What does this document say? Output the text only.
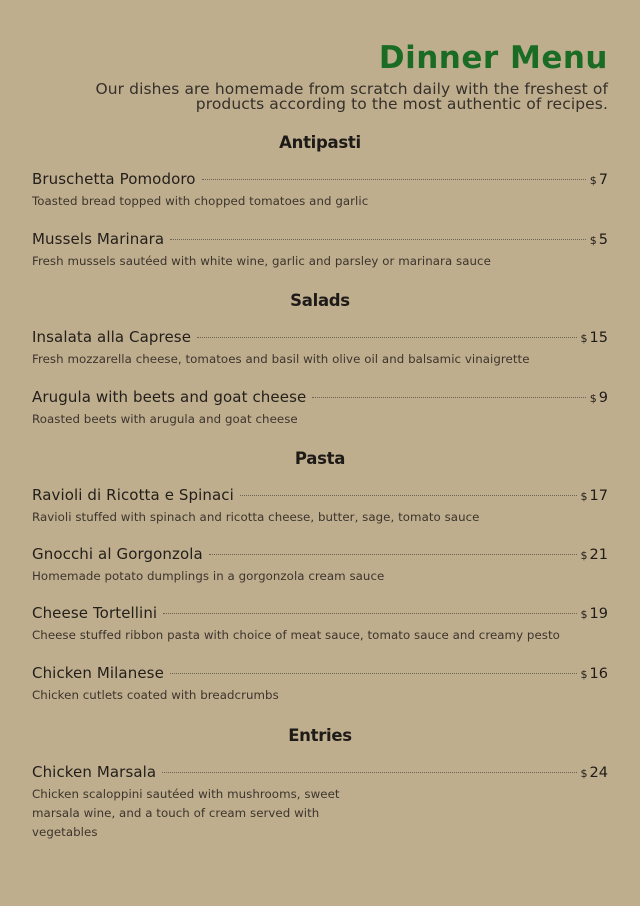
Dinner Menu
Our dishes are homemade from scratch daily with the freshest of products according to the most authentic of recipes.
Antipasti
Bruschetta Pomodoro	$ 7
Toasted bread topped with chopped tomatoes and garlic
Mussels Marinara	$ 5
Fresh mussels sautéed with white wine, garlic and parsley or marinara sauce
Salads
Insalata alla Caprese	$ 15
Fresh mozzarella cheese, tomatoes and basil with olive oil and balsamic vinaigrette
Arugula with beets and goat cheese	$ 9
Roasted beets with arugula and goat cheese
Pasta
Ravioli di Ricotta e Spinaci	$ 17
Ravioli stuffed with spinach and ricotta cheese, butter, sage, tomato sauce
Gnocchi al Gorgonzola	$ 21
Homemade potato dumplings in a gorgonzola cream sauce
Cheese Tortellini	$ 19
Cheese stuffed ribbon pasta with choice of meat sauce, tomato sauce and creamy pesto
Chicken Milanese	$ 16
Chicken cutlets coated with breadcrumbs
Entries
Chicken Marsala	$ 24
Chicken scaloppini sautéed with mushrooms, sweet marsala wine, and a touch of cream served with vegetables
